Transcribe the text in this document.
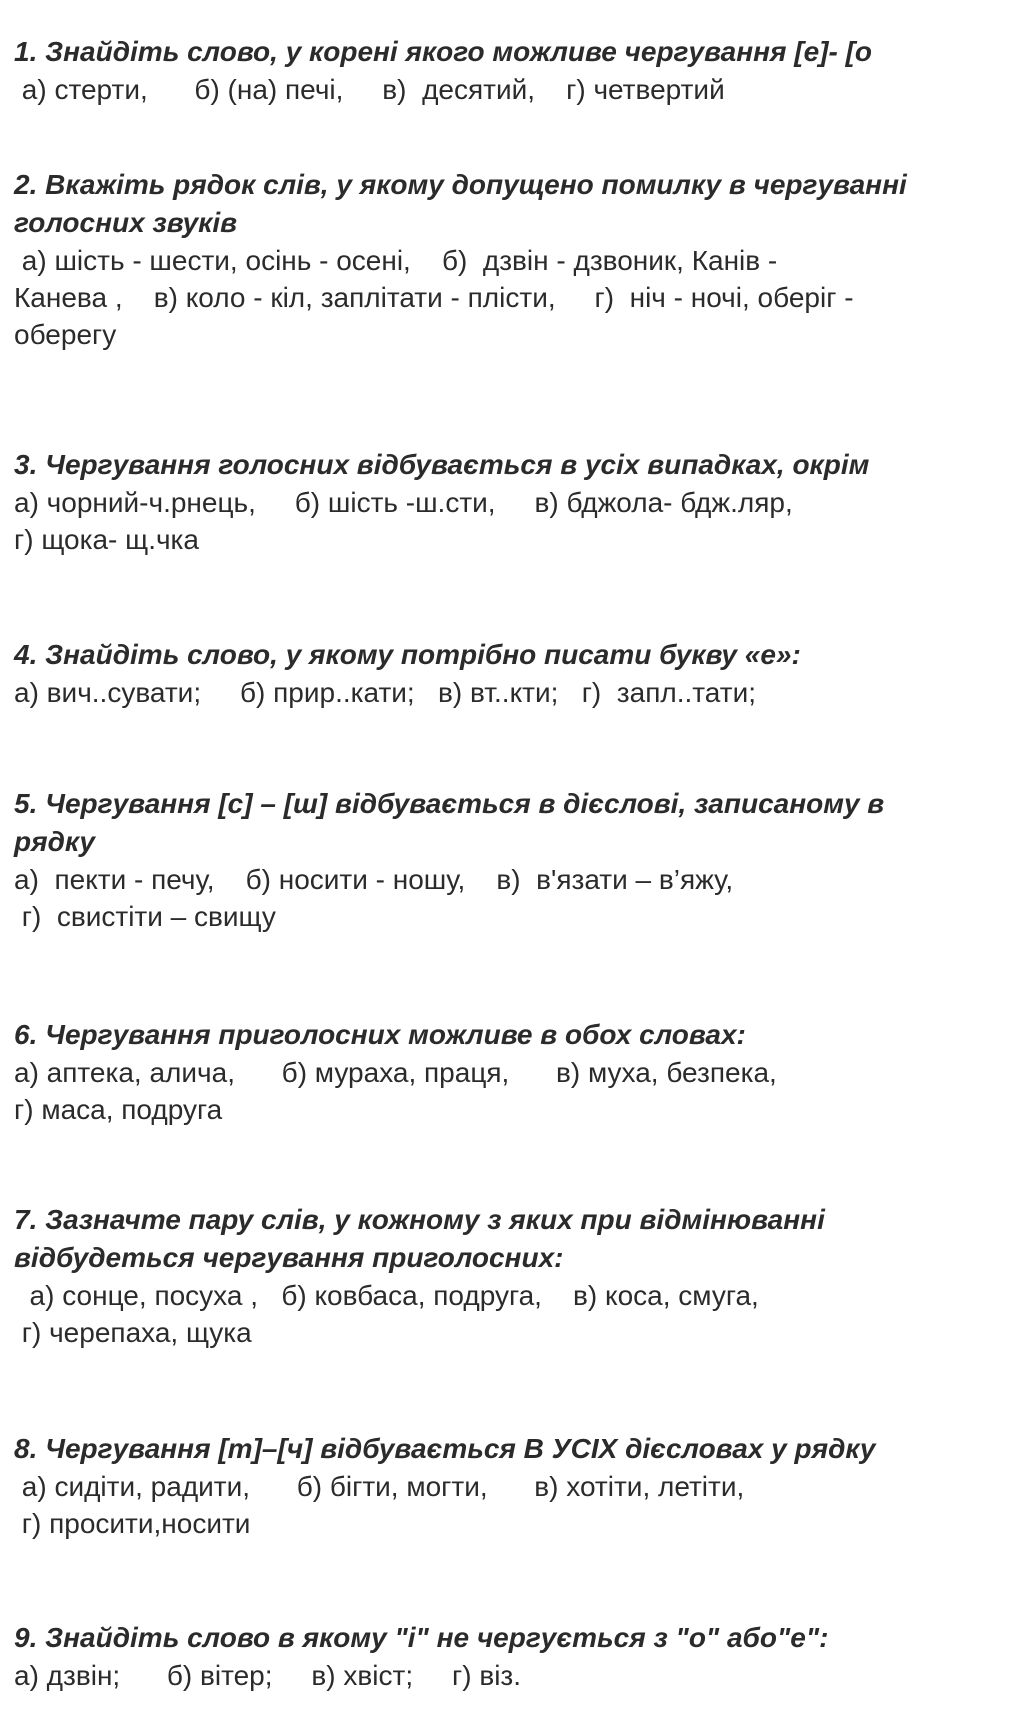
1. Знайдіть слово, у корені якого можливе чергування [е]- [о

а) стерти,      б) (на) печі,     в)  десятий,    г) четвертий

2. Вкажіть рядок слів, у якому допущено помилку в чергуванні

голосних звуків

а) шість - шести, осінь - осені,    б)  дзвін - дзвоник, Канів -

Канева ,    в) коло - кіл, заплітати - плісти,     г)  ніч - ночі, оберіг -

оберегу

3. Чергування голосних відбувається в усіх випадках, окрім

а) чорний-ч.рнець,     б) шість -ш.сти,     в) бджола- бдж.ляр,

г) щока- щ.чка

4. Знайдіть слово, у якому потрібно писати букву «е»:

а) вич..сувати;     б) прир..кати;   в) вт..кти;   г)  запл..тати;

5. Чергування [с] – [ш] відбувається в дієслові, записаному в

рядку

а)  пекти - печу,    б) носити - ношу,    в)  в'язати – в’яжу,

г)  свистіти – свищу

6. Чергування приголосних можливе в обох словах:

а) аптека, алича,      б) мураха, праця,      в) муха, безпека,

г) маса, подруга

7. Зазначте пару слів, у кожному з яких при відмінюванні

відбудеться чергування приголосних:

а) сонце, посуха ,   б) ковбаса, подруга,    в) коса, смуга,

г) черепаха, щука

8. Чергування [т]–[ч] відбувається В УСІХ дієсловах у рядку

а) сидіти, радити,      б) бігти, могти,      в) хотіти, летіти,

г) просити,носити

9. Знайдіть слово в якому "і" не чергується з "о" або"е":

а) дзвін;      б) вітер;     в) хвіст;     г) віз.
